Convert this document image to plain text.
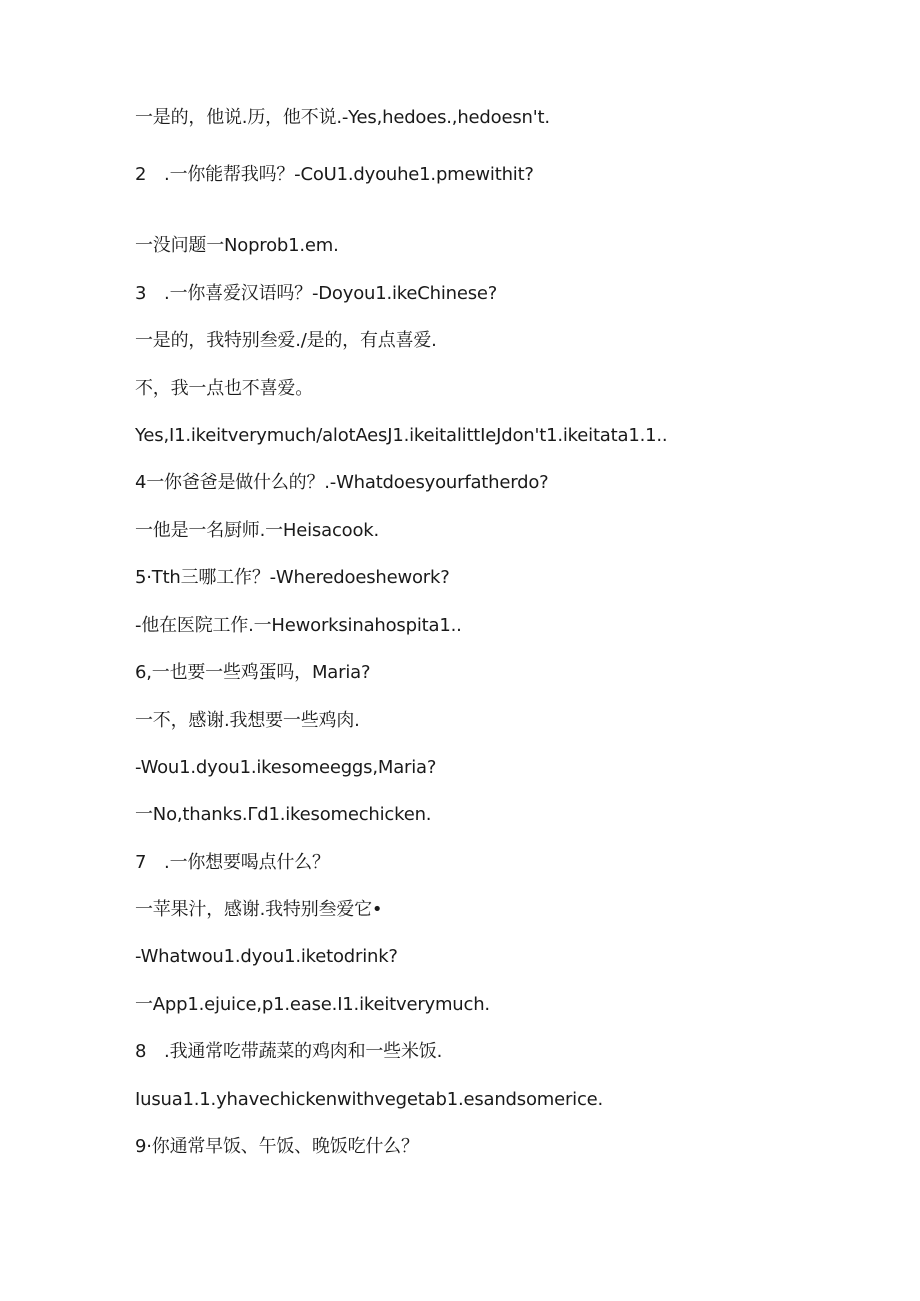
一是的，他说.历，他不说.-Yes,hedoes.,hedoesn't.
2　.一你能帮我吗？-CoU1.dyouhe1.pmewithit?
一没问题一Noprob1.em.
3　.一你喜爱汉语吗？-Doyou1.ikeChinese?
一是的，我特别叁爱./是的，有点喜爱.
不，我一点也不喜爱。
Yes,I1.ikeitverymuch/alotAesJ1.ikeitalittIeJdon't1.ikeitata1.1..
4一你爸爸是做什么的？.-Whatdoesyourfatherdo?
一他是一名厨师.一Heisacook.
5·Tth三哪工作？-Wheredoeshework?
-他在医院工作.一Heworksinahospita1..
6,一也要一些鸡蛋吗，Maria?
一不，感谢.我想要一些鸡肉.
-Wou1.dyou1.ikesomeeggs,Maria?
一No,thanks.Γd1.ikesomechicken.
7　.一你想要喝点什么？
一苹果汁，感谢.我特别叁爱它•
-Whatwou1.dyou1.iketodrink?
一App1.ejuice,p1.ease.I1.ikeitverymuch.
8　.我通常吃带蔬菜的鸡肉和一些米饭.
Iusua1.1.yhavechickenwithvegetab1.esandsomerice.
9·你通常早饭、午饭、晚饭吃什么？
